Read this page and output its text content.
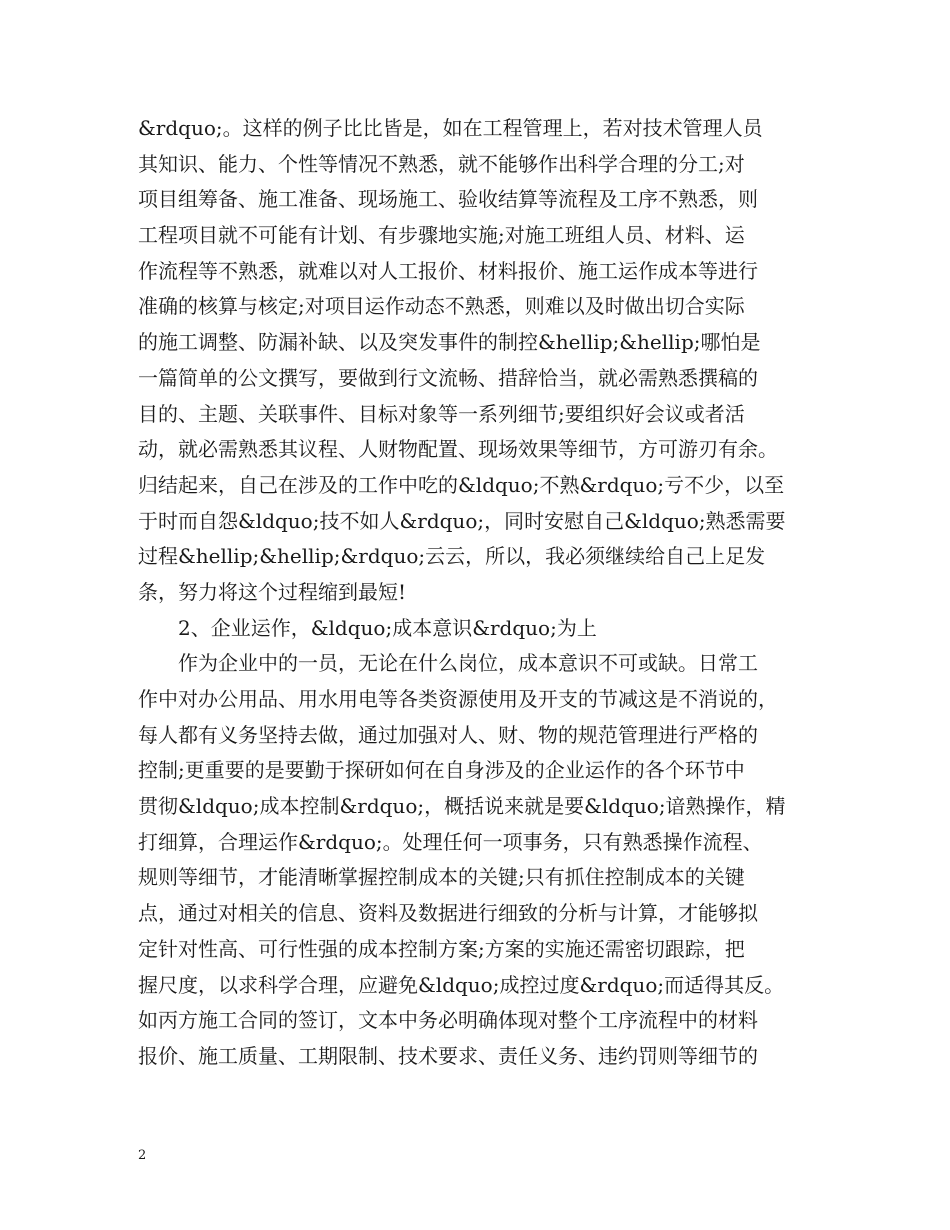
&rdquo;。这样的例子比比皆是，如在工程管理上，若对技术管理人员
其知识、能力、个性等情况不熟悉，就不能够作出科学合理的分工;对
项目组筹备、施工准备、现场施工、验收结算等流程及工序不熟悉，则
工程项目就不可能有计划、有步骤地实施;对施工班组人员、材料、运
作流程等不熟悉，就难以对人工报价、材料报价、施工运作成本等进行
准确的核算与核定;对项目运作动态不熟悉，则难以及时做出切合实际
的施工调整、防漏补缺、以及突发事件的制控&hellip;&hellip;哪怕是
一篇简单的公文撰写，要做到行文流畅、措辞恰当，就必需熟悉撰稿的
目的、主题、关联事件、目标对象等一系列细节;要组织好会议或者活
动，就必需熟悉其议程、人财物配置、现场效果等细节，方可游刃有余。
归结起来，自己在涉及的工作中吃的&ldquo;不熟&rdquo;亏不少，以至
于时而自怨&ldquo;技不如人&rdquo;，同时安慰自己&ldquo;熟悉需要
过程&hellip;&hellip;&rdquo;云云，所以，我必须继续给自己上足发
条，努力将这个过程缩到最短!
2、企业运作，&ldquo;成本意识&rdquo;为上
作为企业中的一员，无论在什么岗位，成本意识不可或缺。日常工
作中对办公用品、用水用电等各类资源使用及开支的节减这是不消说的，
每人都有义务坚持去做，通过加强对人、财、物的规范管理进行严格的
控制;更重要的是要勤于探研如何在自身涉及的企业运作的各个环节中
贯彻&ldquo;成本控制&rdquo;，概括说来就是要&ldquo;谙熟操作，精
打细算，合理运作&rdquo;。处理任何一项事务，只有熟悉操作流程、
规则等细节，才能清晰掌握控制成本的关键;只有抓住控制成本的关键
点，通过对相关的信息、资料及数据进行细致的分析与计算，才能够拟
定针对性高、可行性强的成本控制方案;方案的实施还需密切跟踪，把
握尺度，以求科学合理，应避免&ldquo;成控过度&rdquo;而适得其反。
如丙方施工合同的签订，文本中务必明确体现对整个工序流程中的材料
报价、施工质量、工期限制、技术要求、责任义务、违约罚则等细节的
2
